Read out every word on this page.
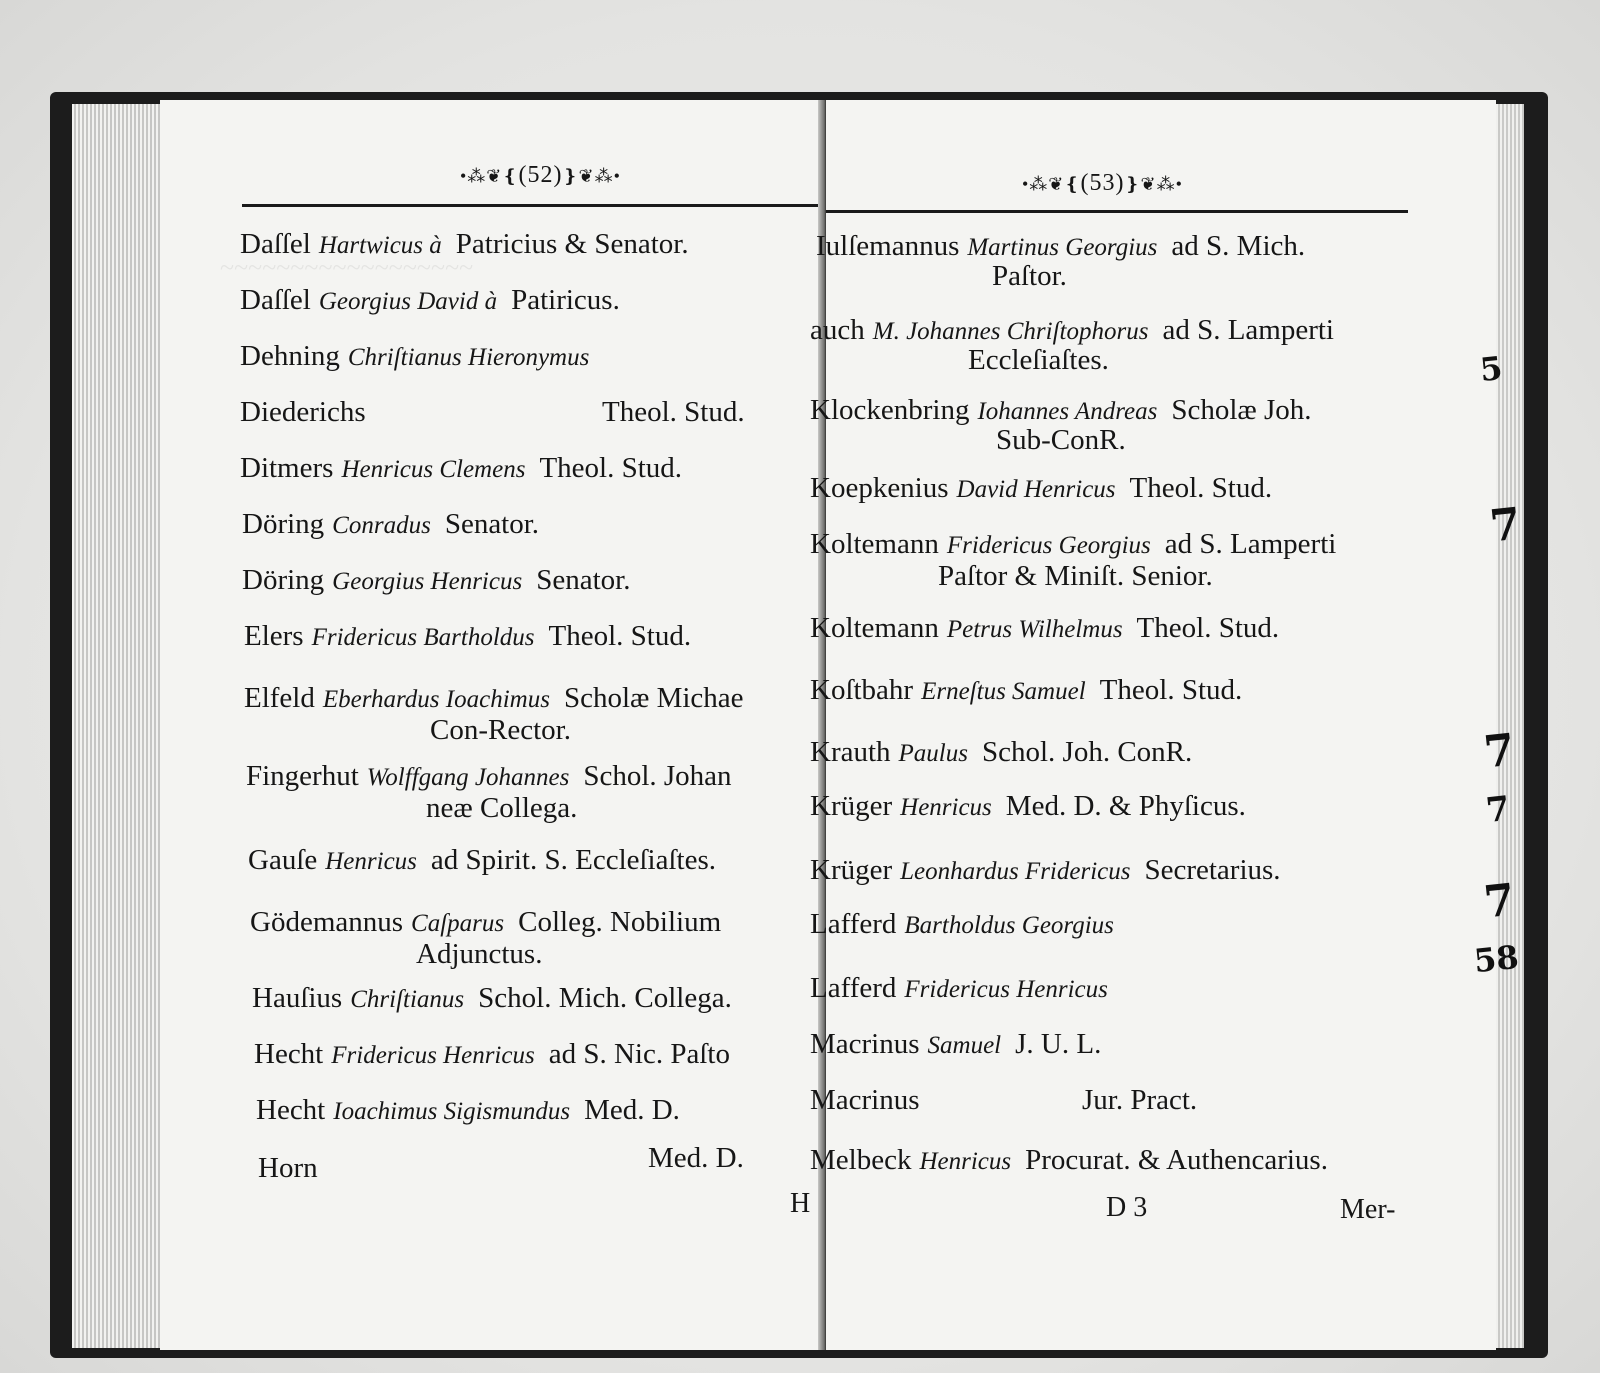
~~~~~~~~~~~~~~~~~~
•⁂❦❴(52)❵❦⁂•
Daſſel Hartwicus à Patricius & Senator.
Daſſel Georgius David à Patiricus.
Dehning Chriſtianus Hieronymus
Diederichs	Theol. Stud.
Ditmers Henricus Clemens Theol. Stud.
Döring Conradus Senator.
Döring Georgius Henricus Senator.
Elers Fridericus Bartholdus Theol. Stud.
Elfeld Eberhardus Ioachimus Scholæ Michae
Con-Rector.
Fingerhut Wolffgang Johannes Schol. Johan
neæ Collega.
Gauſe Henricus ad Spirit. S. Eccleſiaſtes.
Gödemannus Caſparus Colleg. Nobilium
Adjunctus.
Hauſius Chriſtianus Schol. Mich. Collega.
Hecht Fridericus Henricus ad S. Nic. Paſto
Hecht Ioachimus Sigismundus Med. D.
Horn	Med. D.
H
•⁂❦❴(53)❵❦⁂•
Iulſemannus Martinus Georgius ad S. Mich.
Paſtor.
auch M. Johannes Chriſtophorus ad S. Lamperti
Eccleſiaſtes.
Klockenbring Iohannes Andreas Scholæ Joh.
Sub-ConR.
Koepkenius David Henricus Theol. Stud.
Koltemann Fridericus Georgius ad S. Lamperti
Paſtor & Miniſt. Senior.
Koltemann Petrus Wilhelmus Theol. Stud.
Koſtbahr Erneſtus Samuel Theol. Stud.
Krauth Paulus Schol. Joh. ConR.
Krüger Henricus Med. D. & Phyſicus.
Krüger Leonhardus Fridericus Secretarius.
Lafferd Bartholdus Georgius
Lafferd Fridericus Henricus
Macrinus Samuel J. U. L.
Macrinus	Jur. Pract.
Melbeck Henricus Procurat. & Authencarius.
D 3	Mer-
5
7
7
7
7
58
